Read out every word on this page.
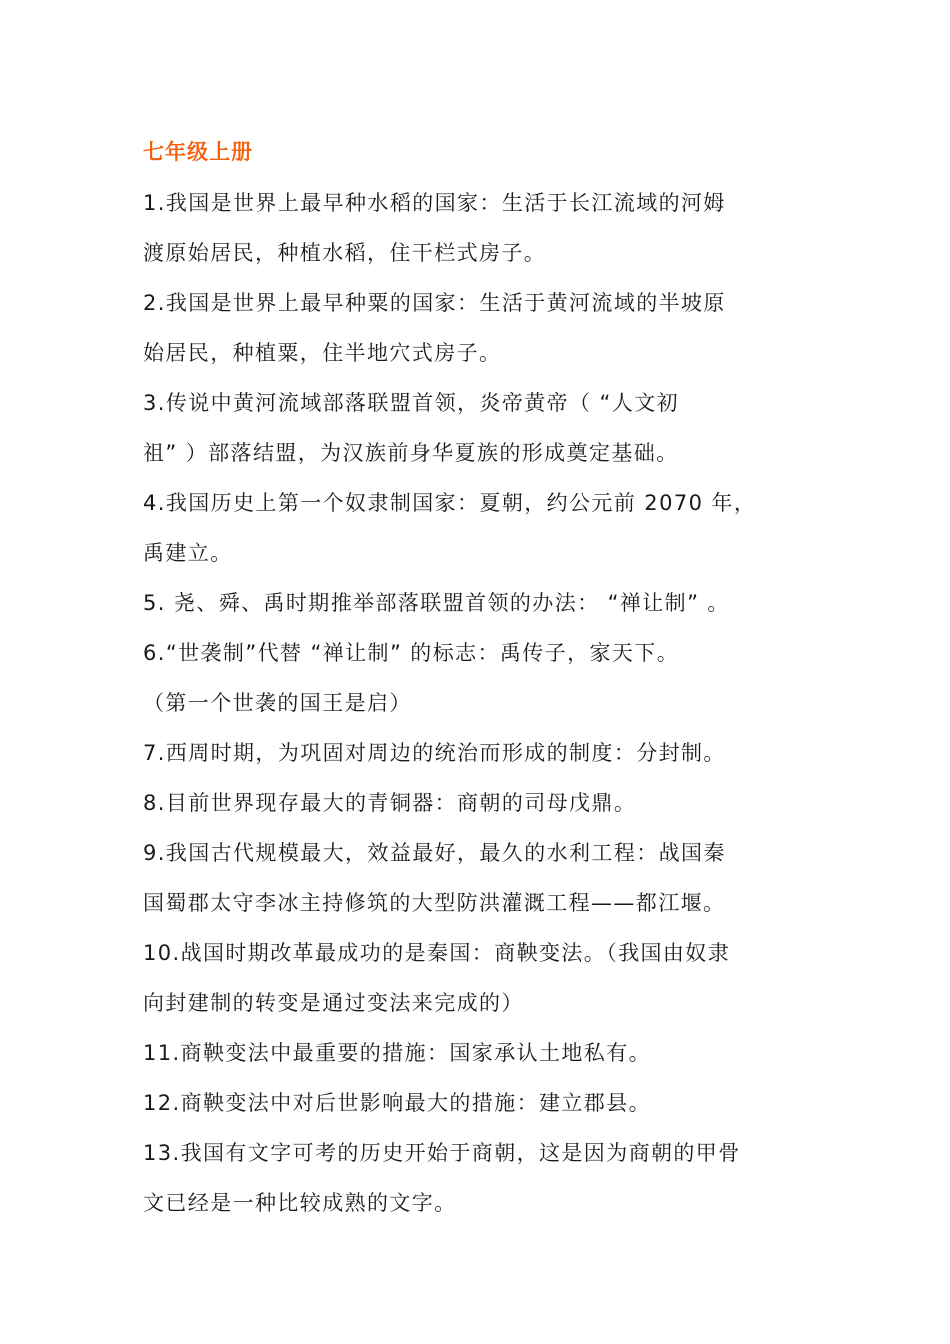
七年级上册

1.我国是世界上最早种水稻的国家：生活于长江流域的河姆

渡原始居民，种植水稻，住干栏式房子。

2.我国是世界上最早种粟的国家：生活于黄河流域的半坡原

始居民，种植粟，住半地穴式房子。

3.传说中黄河流域部落联盟首领，炎帝黄帝（ “人文初

祖” ）部落结盟，为汉族前身华夏族的形成奠定基础。

4.我国历史上第一个奴隶制国家：夏朝，约公元前 2070 年，

禹建立。

5. 尧、舜、禹时期推举部落联盟首领的办法： “禅让制” 。

6.“世袭制”代替 “禅让制” 的标志：禹传子，家天下。

（第一个世袭的国王是启）

7.西周时期，为巩固对周边的统治而形成的制度：分封制。

8.目前世界现存最大的青铜器：商朝的司母戊鼎。

9.我国古代规模最大，效益最好，最久的水利工程：战国秦

国蜀郡太守李冰主持修筑的大型防洪灌溉工程——都江堰。

10.战国时期改革最成功的是秦国：商鞅变法。（我国由奴隶

向封建制的转变是通过变法来完成的）

11.商鞅变法中最重要的措施：国家承认土地私有。

12.商鞅变法中对后世影响最大的措施：建立郡县。

13.我国有文字可考的历史开始于商朝，这是因为商朝的甲骨

文已经是一种比较成熟的文字。
